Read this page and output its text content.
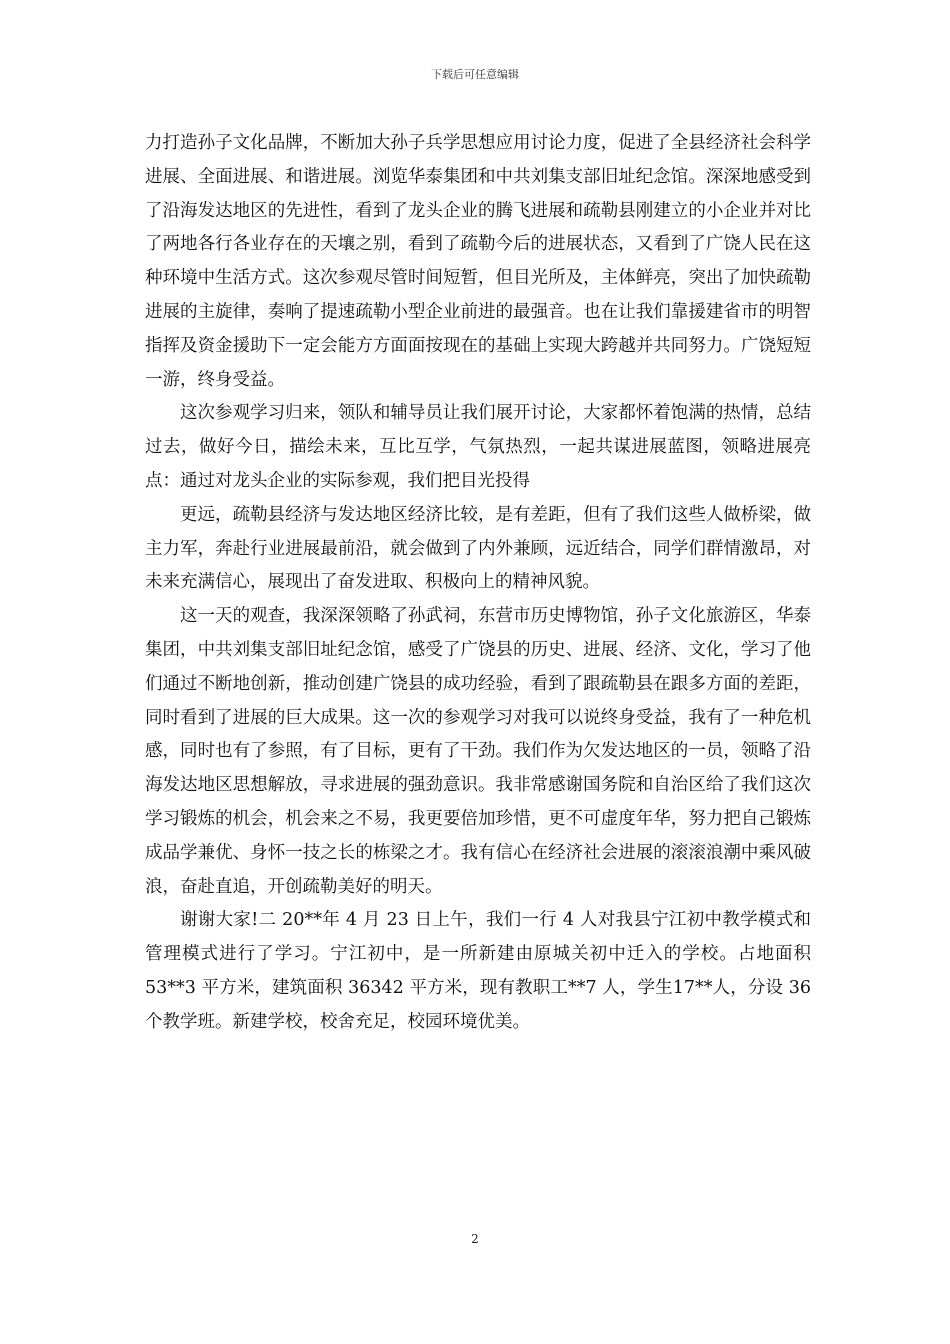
下载后可任意编辑

力打造孙子文化品牌，不断加大孙子兵学思想应用讨论力度，促进了全县经济社会科学进展、全面进展、和谐进展。浏览华泰集团和中共刘集支部旧址纪念馆。深深地感受到了沿海发达地区的先进性，看到了龙头企业的腾飞进展和疏勒县刚建立的小企业并对比了两地各行各业存在的天壤之别，看到了疏勒今后的进展状态，又看到了广饶人民在这种环境中生活方式。这次参观尽管时间短暂，但目光所及，主体鲜亮，突出了加快疏勒进展的主旋律，奏响了提速疏勒小型企业前进的最强音。也在让我们靠援建省市的明智指挥及资金援助下一定会能方方面面按现在的基础上实现大跨越并共同努力。广饶短短一游，终身受益。

这次参观学习归来，领队和辅导员让我们展开讨论，大家都怀着饱满的热情，总结过去，做好今日，描绘未来，互比互学，气氛热烈，一起共谋进展蓝图，领略进展亮点：通过对龙头企业的实际参观，我们把目光投得

更远，疏勒县经济与发达地区经济比较，是有差距，但有了我们这些人做桥梁，做主力军，奔赴行业进展最前沿，就会做到了内外兼顾，远近结合，同学们群情激昂，对未来充满信心，展现出了奋发进取、积极向上的精神风貌。

这一天的观查，我深深领略了孙武祠，东营市历史博物馆，孙子文化旅游区，华泰集团，中共刘集支部旧址纪念馆，感受了广饶县的历史、进展、经济、文化，学习了他们通过不断地创新，推动创建广饶县的成功经验，看到了跟疏勒县在跟多方面的差距，同时看到了进展的巨大成果。这一次的参观学习对我可以说终身受益，我有了一种危机感，同时也有了参照，有了目标，更有了干劲。我们作为欠发达地区的一员，领略了沿海发达地区思想解放，寻求进展的强劲意识。我非常感谢国务院和自治区给了我们这次学习锻炼的机会，机会来之不易，我更要倍加珍惜，更不可虚度年华，努力把自己锻炼成品学兼优、身怀一技之长的栋梁之才。我有信心在经济社会进展的滚滚浪潮中乘风破浪，奋赴直追，开创疏勒美好的明天。

谢谢大家!二 20**年 4 月 23 日上午，我们一行 4 人对我县宁江初中教学模式和管理模式进行了学习。宁江初中，是一所新建由原城关初中迁入的学校。占地面积 53**3 平方米，建筑面积 36342 平方米，现有教职工**7 人，学生17**人，分设 36 个教学班。新建学校，校舍充足，校园环境优美。

2
